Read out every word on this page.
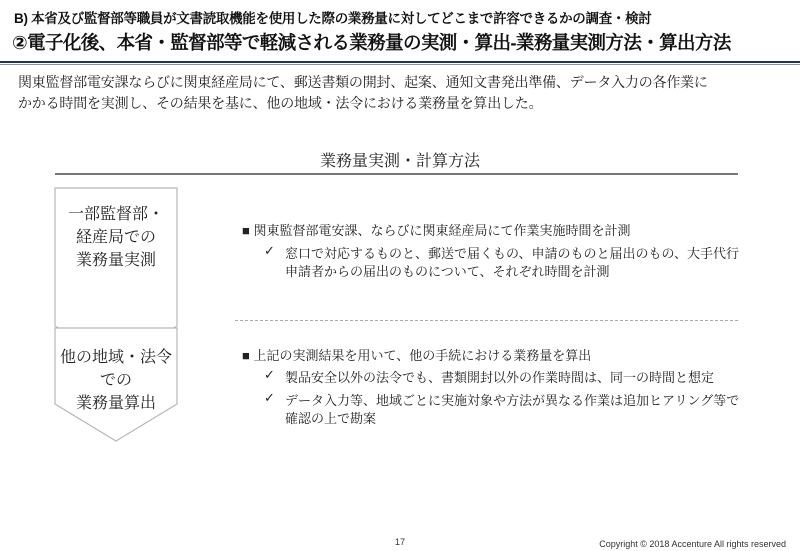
B) 本省及び監督部等職員が文書読取機能を使用した際の業務量に対してどこまで許容できるかの調査・検討
②電子化後、本省・監督部等で軽減される業務量の実測・算出-業務量実測方法・算出方法
関東監督部電安課ならびに関東経産局にて、郵送書類の開封、起案、通知文書発出準備、データ入力の各作業に
かかる時間を実測し、その結果を基に、他の地域・法令における業務量を算出した。
業務量実測・計算方法
一部監督部・
経産局での
業務量実測
■ 関東監督部電安課、ならびに関東経産局にて作業実施時間を計測
✓ 窓口で対応するものと、郵送で届くもの、申請のものと届出のもの、大手代行
申請者からの届出のものについて、それぞれ時間を計測
他の地域・法令での
業務量算出
■ 上記の実測結果を用いて、他の手続における業務量を算出
✓ 製品安全以外の法令でも、書類開封以外の作業時間は、同一の時間と想定
✓ データ入力等、地域ごとに実施対象や方法が異なる作業は追加ヒアリング等で
確認の上で勘案
17	Copyright © 2018 Accenture All rights reserved
